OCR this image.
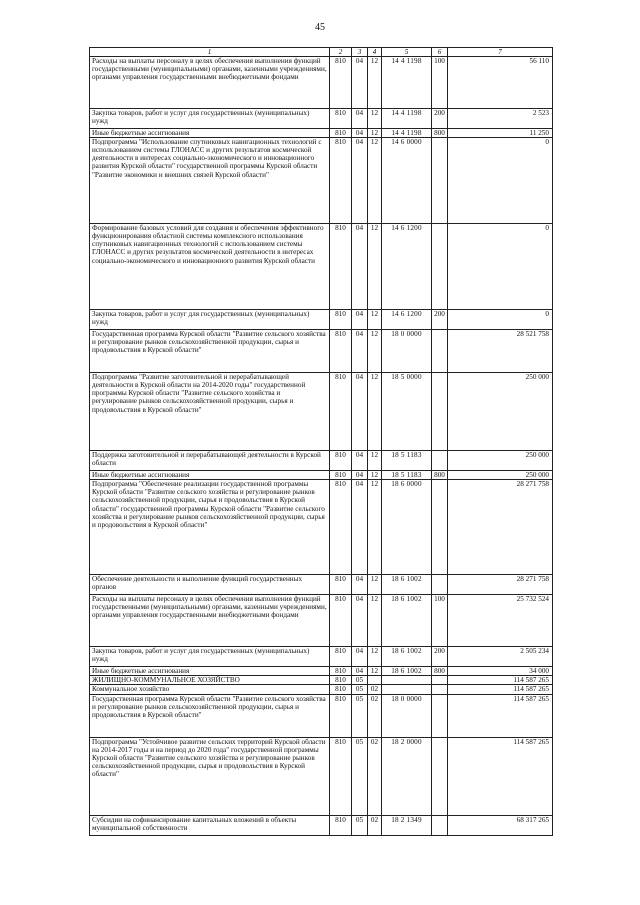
45
1	2	3	4	5	6	7
Расходы на выплаты персоналу в целях обеспечения выполнения функций государственными (муниципальными) органами, казенными учреждениями, органами управления государственными внебюджетными фондами	810	04	12	14 4 1198	100	56 110
Закупка товаров, работ и услуг для государственных (муниципальных) нужд	810	04	12	14 4 1198	200	2 523
Иные бюджетные ассигнования	810	04	12	14 4 1198	800	11 250
Подпрограмма "Использование спутниковых навигационных технологий с использованием системы ГЛОНАСС и других результатов космической деятельности в интересах социально-экономического и инновационного развития Курской области" государственной программы Курской области "Развитие экономики и внешних связей Курской области"	810	04	12	14 6 0000		0
Формирование базовых условий для создания и обеспечения эффективного функционирования областной системы комплексного использования спутниковых навигационных технологий с использованием системы ГЛОНАСС и других результатов космической деятельности в интересах социально-экономического и инновационного развития Курской области	810	04	12	14 6 1200		0
Закупка товаров, работ и услуг для государственных (муниципальных) нужд	810	04	12	14 6 1200	200	0
Государственная программа Курской области "Развитие сельского хозяйства и регулирование рынков сельскохозяйственной продукции, сырья и продовольствия в Курской области"	810	04	12	18 0 0000		28 521 758
Подпрограмма "Развитие заготовительной и перерабатывающей деятельности в Курской области на 2014-2020 годы" государственной программы Курской области "Развитие сельского хозяйства и регулирование рынков сельскохозяйственной продукции, сырья и продовольствия в Курской области"	810	04	12	18 5 0000		250 000
Поддержка заготовительной и перерабатывающей деятельности в Курской области	810	04	12	18 5 1183		250 000
Иные бюджетные ассигнования	810	04	12	18 5 1183	800	250 000
Подпрограмма "Обеспечение реализации государственной программы Курской области "Развитие сельского хозяйства и регулирование рынков сельскохозяйственной продукции, сырья и продовольствия в Курской области" государственной программы Курской области "Развитие сельского хозяйства и регулирование рынков сельскохозяйственной продукции, сырья и продовольствия в Курской области"	810	04	12	18 6 0000		28 271 758
Обеспечение деятельности и выполнение функций государственных органов	810	04	12	18 6 1002		28 271 758
Расходы на выплаты персоналу в целях обеспечения выполнения функций государственными (муниципальными) органами, казенными учреждениями, органами управления государственными внебюджетными фондами	810	04	12	18 6 1002	100	25 732 524
Закупка товаров, работ и услуг для государственных (муниципальных) нужд	810	04	12	18 6 1002	200	2 505 234
Иные бюджетные ассигнования	810	04	12	18 6 1002	800	34 000
ЖИЛИЩНО-КОММУНАЛЬНОЕ ХОЗЯЙСТВО	810	05				114 587 265
Коммунальное хозяйство	810	05	02			114 587 265
Государственная программа Курской области "Развитие сельского хозяйства и регулирование рынков сельскохозяйственной продукции, сырья и продовольствия в Курской области"	810	05	02	18 0 0000		114 587 265
Подпрограмма "Устойчивое развитие сельских территорий Курской области на 2014-2017 годы и на период до 2020 года" государственной программы Курской области "Развитие сельского хозяйства и регулирование рынков сельскохозяйственной продукции, сырья и продовольствия в Курской области"	810	05	02	18 2 0000		114 587 265
Субсидии на софинансирование капитальных вложений в объекты муниципальной собственности	810	05	02	18 2 1349		68 317 265
